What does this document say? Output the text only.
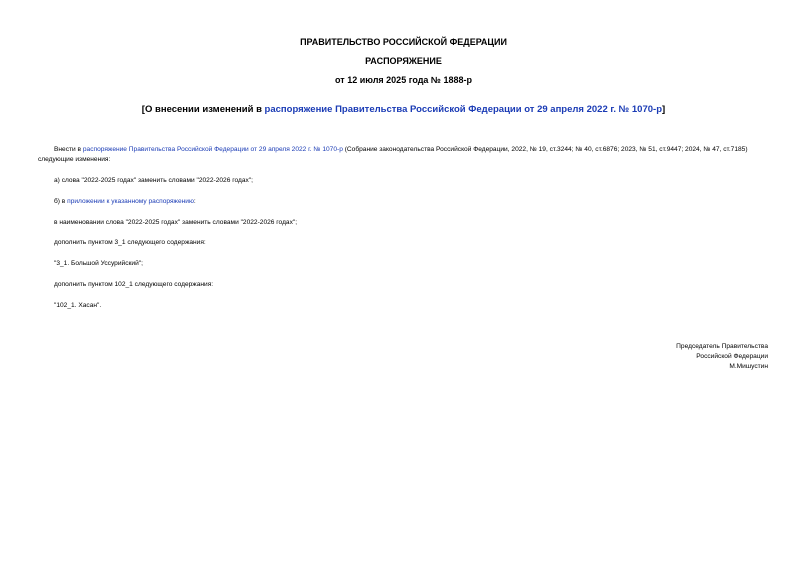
ПРАВИТЕЛЬСТВО РОССИЙСКОЙ ФЕДЕРАЦИИ
РАСПОРЯЖЕНИЕ
от 12 июля 2025 года № 1888-р
[О внесении изменений в распоряжение Правительства Российской Федерации от 29 апреля 2022 г. № 1070-р]
Внести в распоряжение Правительства Российской Федерации от 29 апреля 2022 г. № 1070-р (Собрание законодательства Российской Федерации, 2022, № 19, ст.3244; № 40, ст.6876; 2023, № 51, ст.9447; 2024, № 47, ст.7185) следующие изменения:
а) слова "2022-2025 годах" заменить словами "2022-2026 годах";
б) в приложении к указанному распоряжению:
в наименовании слова "2022-2025 годах" заменить словами "2022-2026 годах";
дополнить пунктом 3_1 следующего содержания:
"3_1. Большой Уссурийский";
дополнить пунктом 102_1 следующего содержания:
"102_1. Хасан".
Председатель Правительства
Российской Федерации
М.Мишустин
